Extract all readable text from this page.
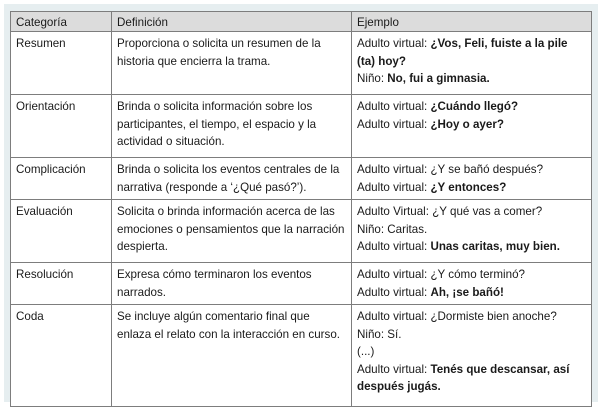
Categoría	Definición	Ejemplo
Resumen	Proporciona o solicita un resumen de la historia que encierra la trama.	Adulto virtual: ¿Vos, Feli, fuiste a la pile (ta) hoy?
Niño: No, fui a gimnasia.

Orientación	Brinda o solicita información sobre los participantes, el tiempo, el espacio y la actividad o situación.	Adulto virtual: ¿Cuándo llegó?
Adulto virtual: ¿Hoy o ayer?

Complicación	Brinda o solicita los eventos centrales de la narrativa (responde a ‘¿Qué pasó?’).	Adulto virtual: ¿Y se bañó después?
Adulto virtual: ¿Y entonces?

Evaluación	Solicita o brinda información acerca de las emociones o pensamientos que la narración despierta.	Adulto Virtual: ¿Y qué vas a comer?
Niño: Caritas.
Adulto virtual: Unas caritas, muy bien.

Resolución	Expresa cómo terminaron los eventos narrados.	Adulto virtual: ¿Y cómo terminó?
Adulto virtual: Ah, ¡se bañó!

Coda	Se incluye algún comentario final que enlaza el relato con la interacción en curso.	Adulto virtual: ¿Dormiste bien anoche?
Niño: Sí.
(...)
Adulto virtual: Tenés que descansar, así después jugás.
